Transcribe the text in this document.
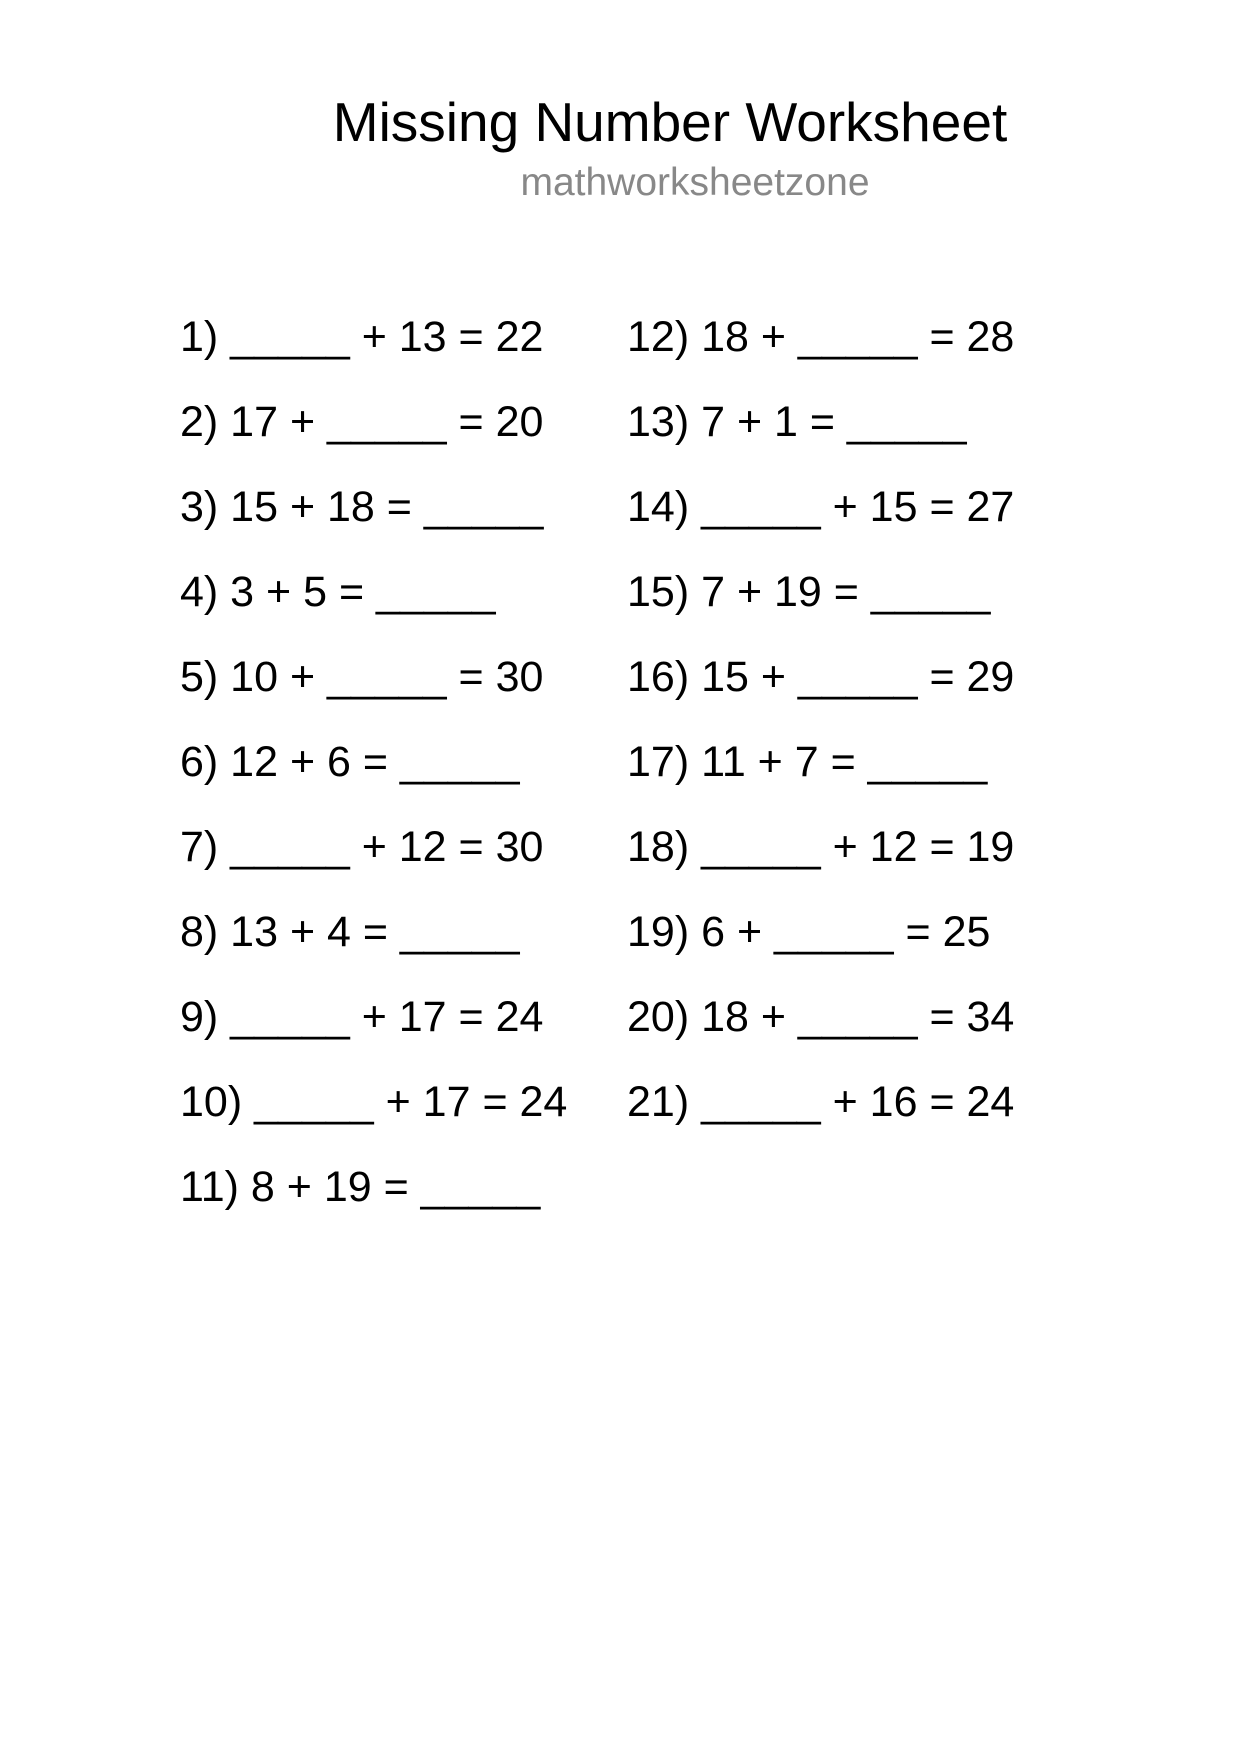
Missing Number Worksheet
mathworksheetzone
1) _____ + 13 = 22
2) 17 + _____ = 20
3) 15 + 18 = _____
4) 3 + 5 = _____
5) 10 + _____ = 30
6) 12 + 6 = _____
7) _____ + 12 = 30
8) 13 + 4 = _____
9) _____ + 17 = 24
10) _____ + 17 = 24
11) 8 + 19 = _____
12) 18 + _____ = 28
13) 7 + 1 = _____
14) _____ + 15 = 27
15) 7 + 19 = _____
16) 15 + _____ = 29
17) 11 + 7 = _____
18) _____ + 12 = 19
19) 6 + _____ = 25
20) 18 + _____ = 34
21) _____ + 16 = 24
